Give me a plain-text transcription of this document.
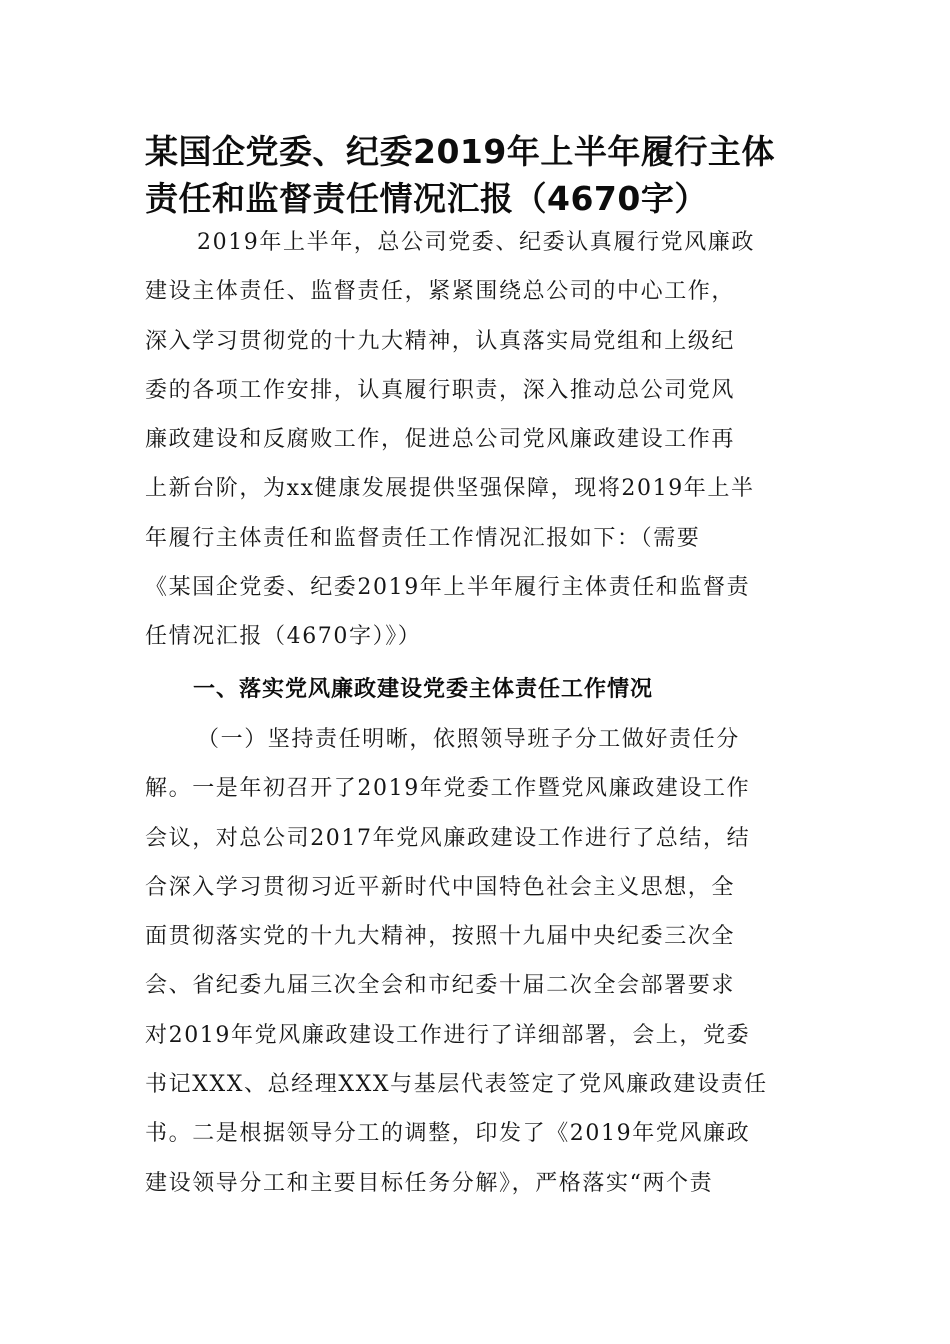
某国企党委、纪委2019年上半年履行主体
责任和监督责任情况汇报（4670字）
2019年上半年，总公司党委、纪委认真履行党风廉政
建设主体责任、监督责任，紧紧围绕总公司的中心工作，
深入学习贯彻党的十九大精神，认真落实局党组和上级纪
委的各项工作安排，认真履行职责，深入推动总公司党风
廉政建设和反腐败工作，促进总公司党风廉政建设工作再
上新台阶，为xx健康发展提供坚强保障，现将2019年上半
年履行主体责任和监督责任工作情况汇报如下：（需要
《某国企党委、纪委2019年上半年履行主体责任和监督责
任情况汇报（4670字）》）
一、落实党风廉政建设党委主体责任工作情况
（一）坚持责任明晰，依照领导班子分工做好责任分
解。一是年初召开了2019年党委工作暨党风廉政建设工作
会议，对总公司2017年党风廉政建设工作进行了总结，结
合深入学习贯彻习近平新时代中国特色社会主义思想，全
面贯彻落实党的十九大精神，按照十九届中央纪委三次全
会、省纪委九届三次全会和市纪委十届二次全会部署要求
对2019年党风廉政建设工作进行了详细部署，会上，党委
书记XXX、总经理XXX与基层代表签定了党风廉政建设责任
书。二是根据领导分工的调整，印发了《2019年党风廉政
建设领导分工和主要目标任务分解》，严格落实“两个责
